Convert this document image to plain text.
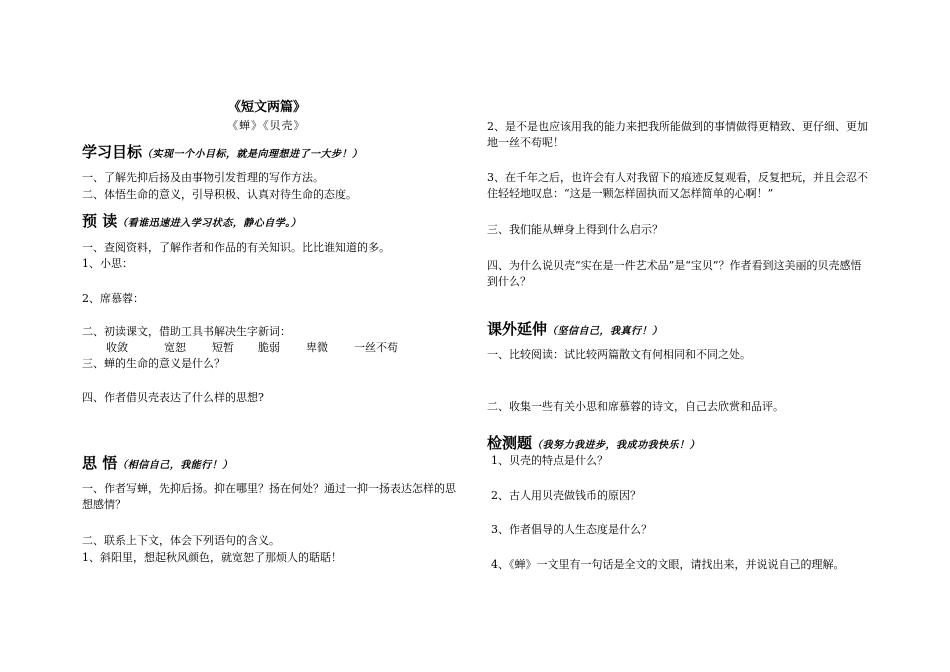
《短文两篇》
《蝉》《贝壳》
学习目标（实现一个小目标，就是向理想进了一大步！）
一、了解先抑后扬及由事物引发哲理的写作方法。
二、体悟生命的意义，引导积极、认真对待生命的态度。
预 读（看谁迅速进入学习状态，静心自学。）
一、查阅资料，了解作者和作品的有关知识。比比谁知道的多。
1、小思：
2、席慕蓉：
二、初读课文，借助工具书解决生字新词：
收敛	宽恕 短暂 脆弱 卑微 一丝不苟
三、蝉的生命的意义是什么？
四、作者借贝壳表达了什么样的思想?
思 悟（相信自己，我能行！）
一、作者写蝉，先抑后扬。抑在哪里？扬在何处？通过一抑一扬表达怎样的思想感情？
二、联系上下文，体会下列语句的含义。
1、斜阳里，想起秋风颜色，就宽恕了那烦人的聒聒！
2、是不是也应该用我的能力来把我所能做到的事情做得更精致、更仔细、更加地一丝不苟呢！
3、在千年之后，也许会有人对我留下的痕迹反复观看，反复把玩，并且会忍不住轻轻地叹息：“这是一颗怎样固执而又怎样简单的心啊！”
三、我们能从蝉身上得到什么启示？
四、为什么说贝壳“实在是一件艺术品”是“宝贝”？作者看到这美丽的贝壳感悟到什么？
课外延伸（坚信自己，我真行！）
一、比较阅读：试比较两篇散文有何相同和不同之处。
二、收集一些有关小思和席慕蓉的诗文，自己去欣赏和品评。
检测题（我努力我进步，我成功我快乐！）
1、贝壳的特点是什么？
2、古人用贝壳做钱币的原因？
3、作者倡导的人生态度是什么？
4、《蝉》一文里有一句话是全文的文眼，请找出来，并说说自己的理解。
